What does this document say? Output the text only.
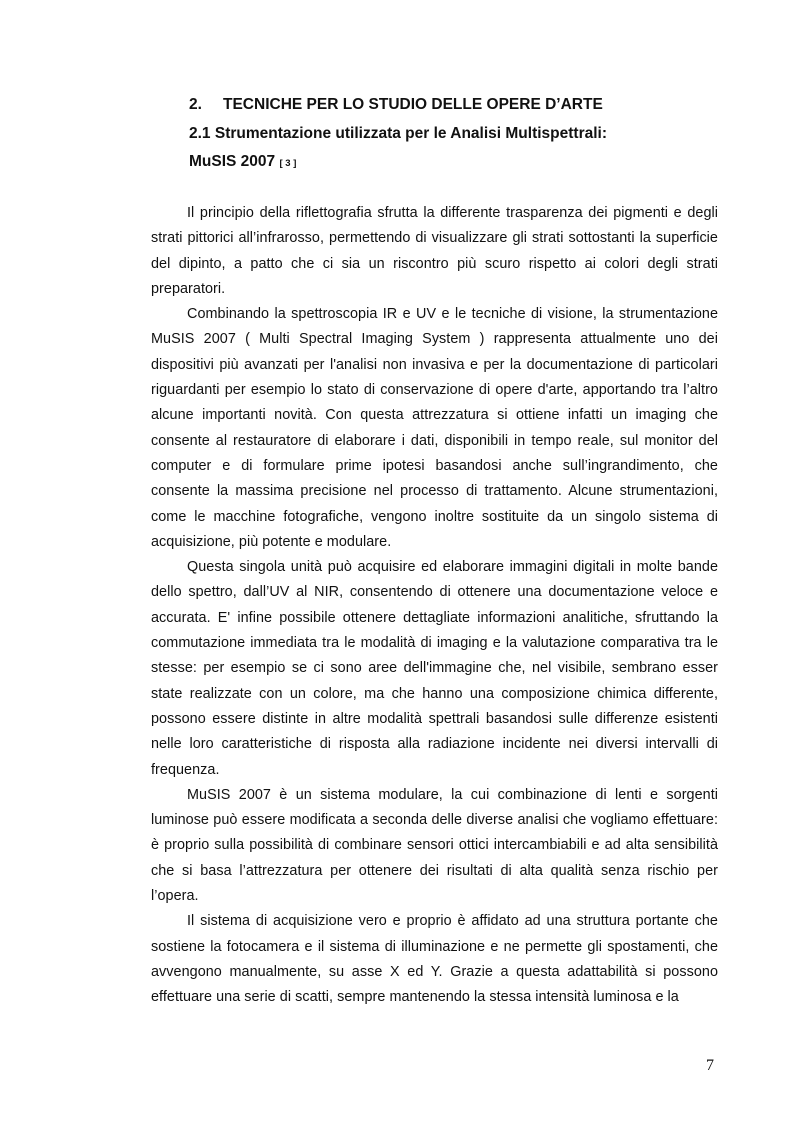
2. TECNICHE PER LO STUDIO DELLE OPERE D’ARTE
2.1 Strumentazione utilizzata per le Analisi Multispettrali:
MuSIS 2007 [ 3 ]

Il principio della riflettografia sfrutta la differente trasparenza dei pigmenti e degli strati pittorici all’infrarosso, permettendo di visualizzare gli strati sottostanti la superficie del dipinto, a patto che ci sia un riscontro più scuro rispetto ai colori degli strati preparatori.

Combinando la spettroscopia IR e UV e le tecniche di visione, la strumentazione MuSIS 2007 ( Multi Spectral Imaging System ) rappresenta attualmente uno dei dispositivi più avanzati per l'analisi non invasiva e per la documentazione di particolari riguardanti per esempio lo stato di conservazione di opere d'arte, apportando tra l’altro alcune importanti novità. Con questa attrezzatura si ottiene infatti un imaging che consente al restauratore di elaborare i dati, disponibili in tempo reale, sul monitor del computer e di formulare prime ipotesi basandosi anche sull’ingrandimento, che consente la massima precisione nel processo di trattamento. Alcune strumentazioni, come le macchine fotografiche, vengono inoltre sostituite da un singolo sistema di acquisizione, più potente e modulare.

Questa singola unità può acquisire ed elaborare immagini digitali in molte bande dello spettro, dall’UV al NIR, consentendo di ottenere una documentazione veloce e accurata. E' infine possibile ottenere dettagliate informazioni analitiche, sfruttando la commutazione immediata tra le modalità di imaging e la valutazione comparativa tra le stesse: per esempio se ci sono aree dell'immagine che, nel visibile, sembrano esser state realizzate con un colore, ma che hanno una composizione chimica differente, possono essere distinte in altre modalità spettrali basandosi sulle differenze esistenti nelle loro caratteristiche di risposta alla radiazione incidente nei diversi intervalli di frequenza.

MuSIS 2007 è un sistema modulare, la cui combinazione di lenti e sorgenti luminose può essere modificata a seconda delle diverse analisi che vogliamo effettuare: è proprio sulla possibilità di combinare sensori ottici intercambiabili e ad alta sensibilità che si basa l’attrezzatura per ottenere dei risultati di alta qualità senza rischio per l’opera.

Il sistema di acquisizione vero e proprio è affidato ad una struttura portante che sostiene la fotocamera e il sistema di illuminazione e ne permette gli spostamenti, che avvengono manualmente, su asse X ed Y. Grazie a questa adattabilità si possono effettuare una serie di scatti, sempre mantenendo la stessa intensità luminosa e la

7
